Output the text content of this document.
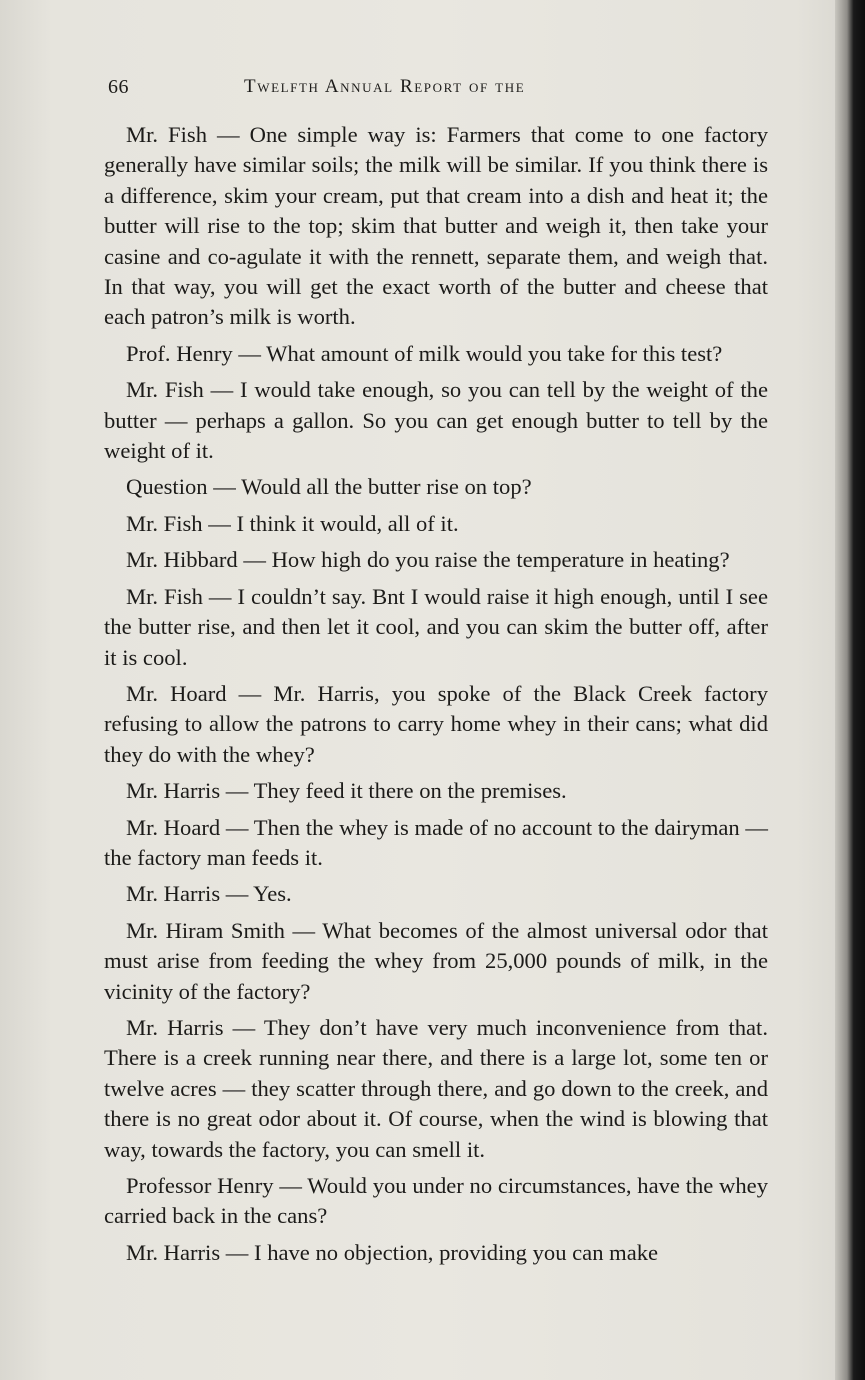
66	Twelfth Annual Report of the

Mr. Fish — One simple way is: Farmers that come to one factory generally have similar soils; the milk will be similar. If you think there is a difference, skim your cream, put that cream into a dish and heat it; the butter will rise to the top; skim that butter and weigh it, then take your casine and co-agulate it with the rennett, separate them, and weigh that. In that way, you will get the exact worth of the butter and cheese that each patron’s milk is worth.

Prof. Henry — What amount of milk would you take for this test?

Mr. Fish — I would take enough, so you can tell by the weight of the butter — perhaps a gallon. So you can get enough butter to tell by the weight of it.

Question — Would all the butter rise on top?

Mr. Fish — I think it would, all of it.

Mr. Hibbard — How high do you raise the temperature in heating?

Mr. Fish — I couldn’t say. Bnt I would raise it high enough, until I see the butter rise, and then let it cool, and you can skim the butter off, after it is cool.

Mr. Hoard — Mr. Harris, you spoke of the Black Creek factory refusing to allow the patrons to carry home whey in their cans; what did they do with the whey?

Mr. Harris — They feed it there on the premises.

Mr. Hoard — Then the whey is made of no account to the dairyman — the factory man feeds it.

Mr. Harris — Yes.

Mr. Hiram Smith — What becomes of the almost universal odor that must arise from feeding the whey from 25,000 pounds of milk, in the vicinity of the factory?

Mr. Harris — They don’t have very much inconvenience from that. There is a creek running near there, and there is a large lot, some ten or twelve acres — they scatter through there, and go down to the creek, and there is no great odor about it. Of course, when the wind is blowing that way, towards the factory, you can smell it.

Professor Henry — Would you under no circumstances, have the whey carried back in the cans?

Mr. Harris — I have no objection, providing you can make
